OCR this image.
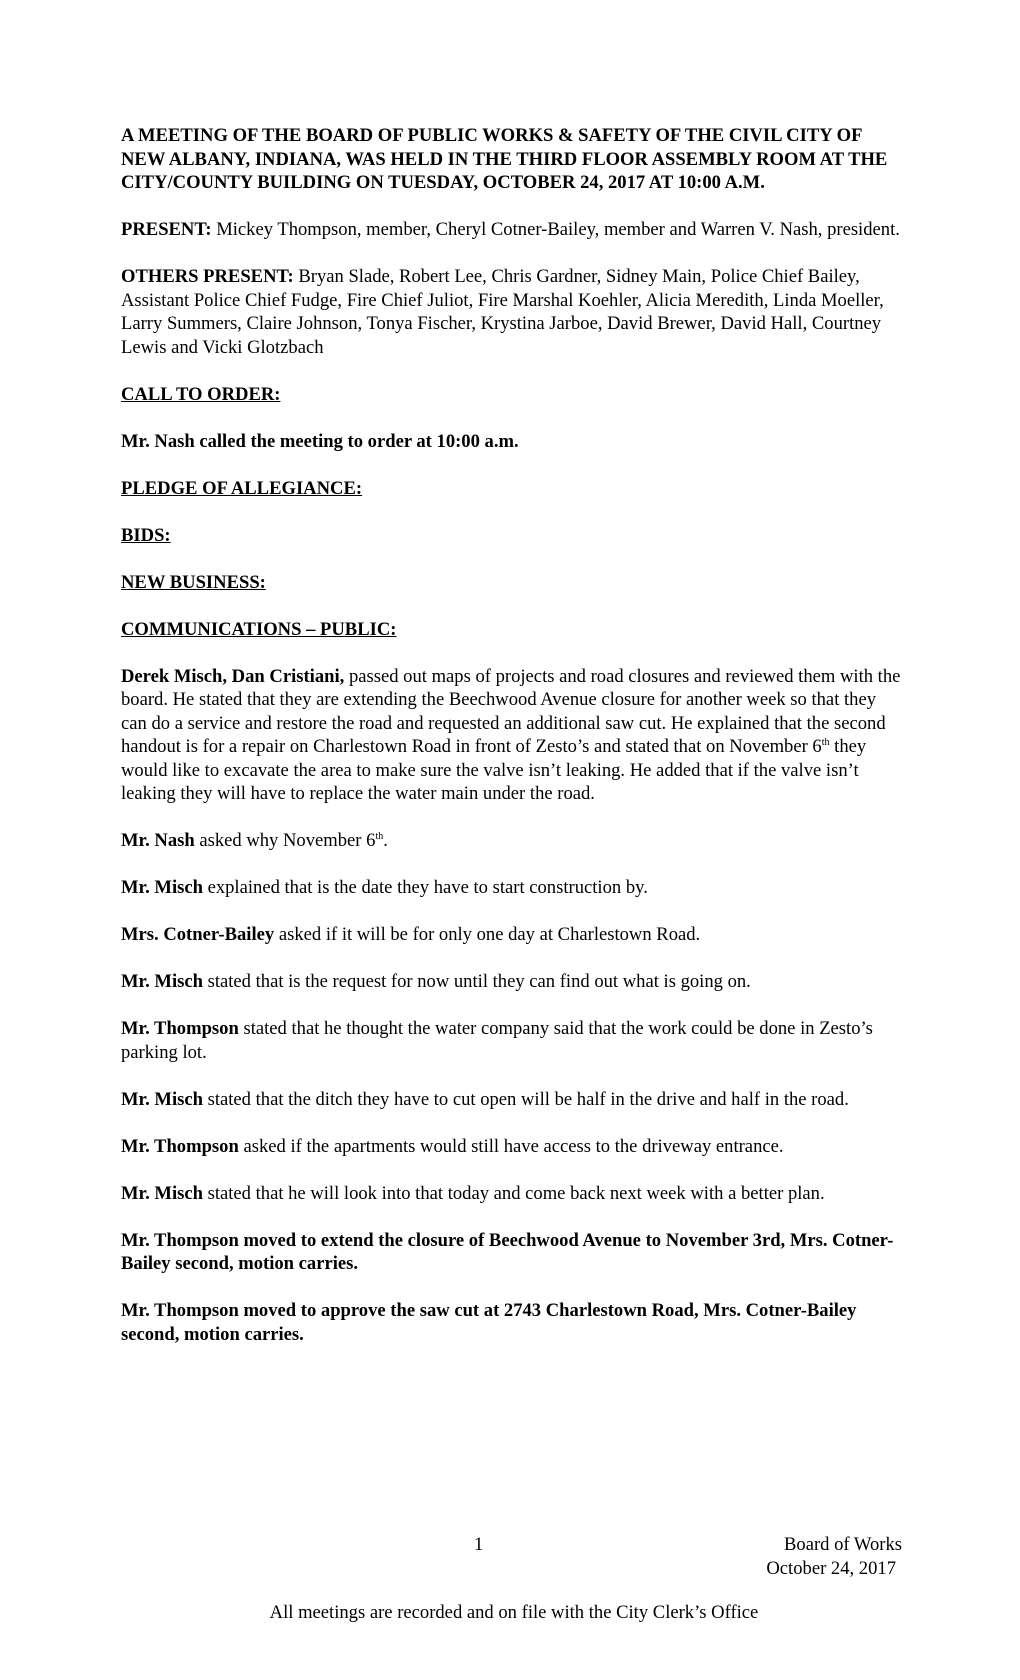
A MEETING OF THE BOARD OF PUBLIC WORKS & SAFETY OF THE CIVIL CITY OF NEW ALBANY, INDIANA, WAS HELD IN THE THIRD FLOOR ASSEMBLY ROOM AT THE CITY/COUNTY BUILDING ON TUESDAY, OCTOBER 24, 2017 AT 10:00 A.M.

PRESENT: Mickey Thompson, member, Cheryl Cotner-Bailey, member and Warren V. Nash, president.

OTHERS PRESENT: Bryan Slade, Robert Lee, Chris Gardner, Sidney Main, Police Chief Bailey, Assistant Police Chief Fudge, Fire Chief Juliot, Fire Marshal Koehler, Alicia Meredith, Linda Moeller, Larry Summers, Claire Johnson, Tonya Fischer, Krystina Jarboe, David Brewer, David Hall, Courtney Lewis and Vicki Glotzbach

CALL TO ORDER:

Mr. Nash called the meeting to order at 10:00 a.m.

PLEDGE OF ALLEGIANCE:

BIDS:

NEW BUSINESS:

COMMUNICATIONS – PUBLIC:

Derek Misch, Dan Cristiani, passed out maps of projects and road closures and reviewed them with the board. He stated that they are extending the Beechwood Avenue closure for another week so that they can do a service and restore the road and requested an additional saw cut. He explained that the second handout is for a repair on Charlestown Road in front of Zesto’s and stated that on November 6th they would like to excavate the area to make sure the valve isn’t leaking. He added that if the valve isn’t leaking they will have to replace the water main under the road.

Mr. Nash asked why November 6th.

Mr. Misch explained that is the date they have to start construction by.

Mrs. Cotner-Bailey asked if it will be for only one day at Charlestown Road.

Mr. Misch stated that is the request for now until they can find out what is going on.

Mr. Thompson stated that he thought the water company said that the work could be done in Zesto’s parking lot.

Mr. Misch stated that the ditch they have to cut open will be half in the drive and half in the road.

Mr. Thompson asked if the apartments would still have access to the driveway entrance.

Mr. Misch stated that he will look into that today and come back next week with a better plan.

Mr. Thompson moved to extend the closure of Beechwood Avenue to November 3rd, Mrs. Cotner-Bailey second, motion carries.

Mr. Thompson moved to approve the saw cut at 2743 Charlestown Road, Mrs. Cotner-Bailey second, motion carries.

1	Board of Works
October 24, 2017
All meetings are recorded and on file with the City Clerk’s Office
